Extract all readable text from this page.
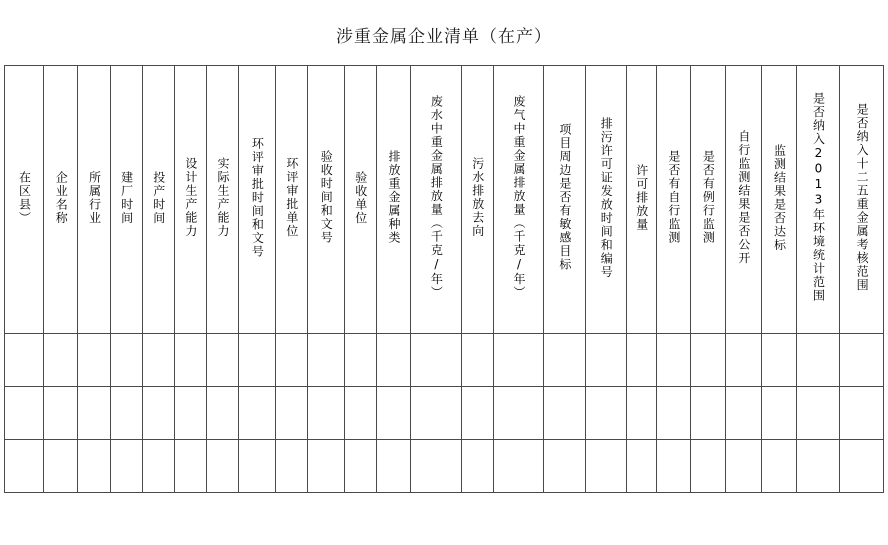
涉重金属企业清单（在产）
在区县）	企业名称	所属行业	建厂时间	投产时间	设计生产能力	实际生产能力	环评审批时间和文号	环评审批单位	验收时间和文号	验收单位	排放重金属种类	废水中重金属排放量（千克/年）	污水排放去向	废气中重金属排放量（千克/年）	项目周边是否有敏感目标	排污许可证发放时间和编号	许可排放量	是否有自行监测	是否有例行监测	自行监测结果是否公开	监测结果是否达标	是否纳入2013年环境统计范围	是否纳入十二五重金属考核范围
